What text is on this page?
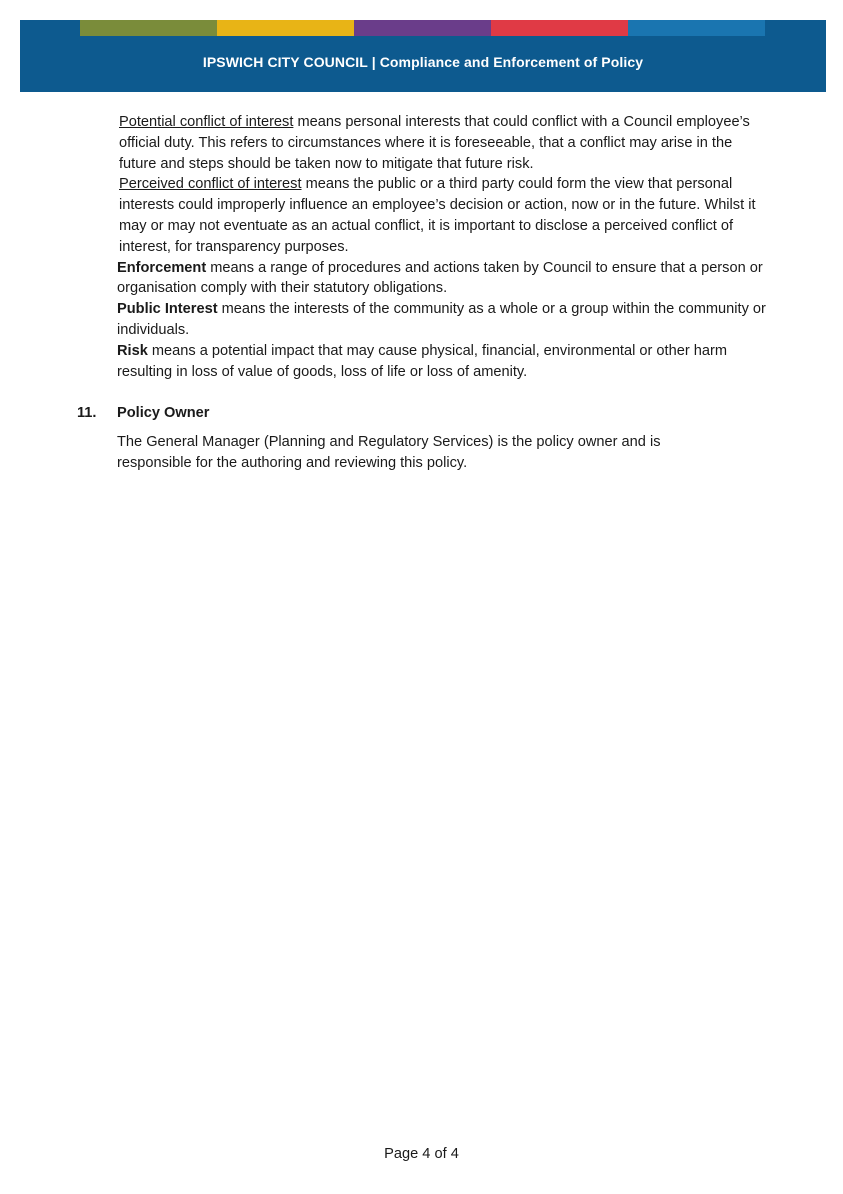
IPSWICH CITY COUNCIL | Compliance and Enforcement of Policy
Potential conflict of interest means personal interests that could conflict with a Council employee’s official duty. This refers to circumstances where it is foreseeable, that a conflict may arise in the future and steps should be taken now to mitigate that future risk.
Perceived conflict of interest means the public or a third party could form the view that personal interests could improperly influence an employee’s decision or action, now or in the future. Whilst it may or may not eventuate as an actual conflict, it is important to disclose a perceived conflict of interest, for transparency purposes.
Enforcement means a range of procedures and actions taken by Council to ensure that a person or organisation comply with their statutory obligations.
Public Interest means the interests of the community as a whole or a group within the community or individuals.
Risk means a potential impact that may cause physical, financial, environmental or other harm resulting in loss of value of goods, loss of life or loss of amenity.
11. Policy Owner
The General Manager (Planning and Regulatory Services) is the policy owner and is responsible for the authoring and reviewing this policy.
Page 4 of 4
